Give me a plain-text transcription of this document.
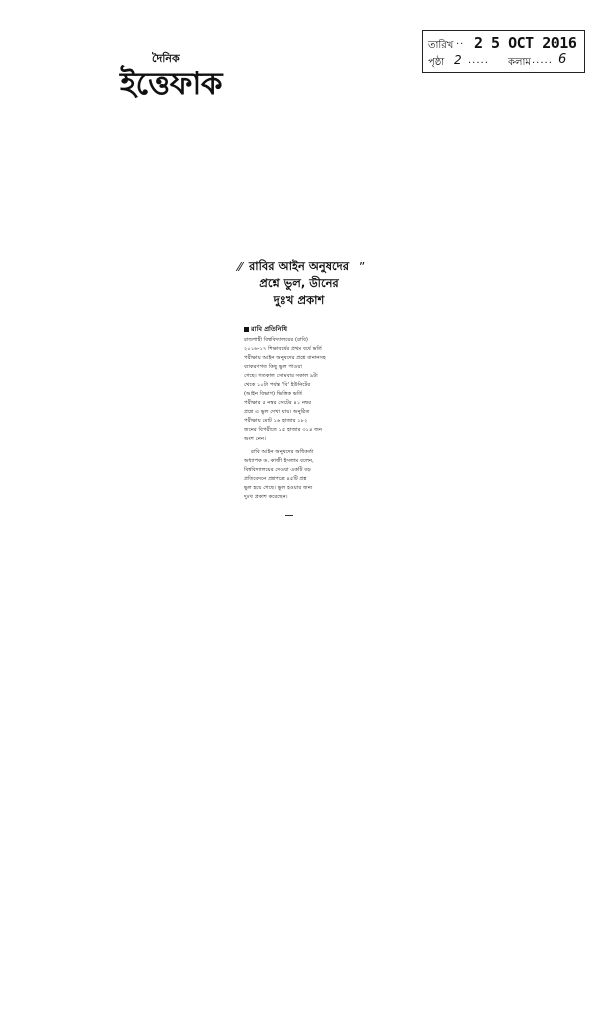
দৈনিক
ইত্তেফাক
তারিখ .. 2 5 OCT 2016
পৃষ্ঠা 2 ..... কলাম ..... 6
⁄⁄	”
রাবির আইন অনুষদের
প্রশ্নে ভুল, ডীনের
দুঃখ প্রকাশ
রাবি প্রতিনিধি
রাজশাহী বিশ্ববিদ্যালয়ের (রাবি)
২০১৬-১৭ শিক্ষাবর্ষের প্রথম বর্ষে ভর্তি
পরীক্ষায় আইন অনুষদের প্রশ্নে বানানসহ
ব্যাকরণগত কিছু ভুল পাওয়া
গেছে। গতকাল সোমবার সকাল ৯টা
থেকে ১০টা পর্যন্ত 'বি' ইউনিটের
(আইন বিভাগ) ভিত্তিক ভর্তি
পরীক্ষার ৫ নম্বর সেটের ৪১ নম্বর
প্রশ্নে এ ভুল দেখা যায়। অনুষ্ঠিত
পরীক্ষায় মোট ১৬ হাজার ১৮২
জনের বিপরীতে ১৫ হাজার ৩১৪ জন
অংশ নেন।
রাবি আইন অনুষদের অধিকর্তা
অধ্যাপক ড. কাজী ইসলাম বলেন,
বিশ্ববিদ্যালয়ের দেওয়া একটি বড়
প্রতিবেদনে প্রশ্নপত্রে ৪৫টি প্রশ্ন
ভুল হয়ে গেছে। ভুল হওয়ার জন্য
দুঃখ প্রকাশ করেছেন।
